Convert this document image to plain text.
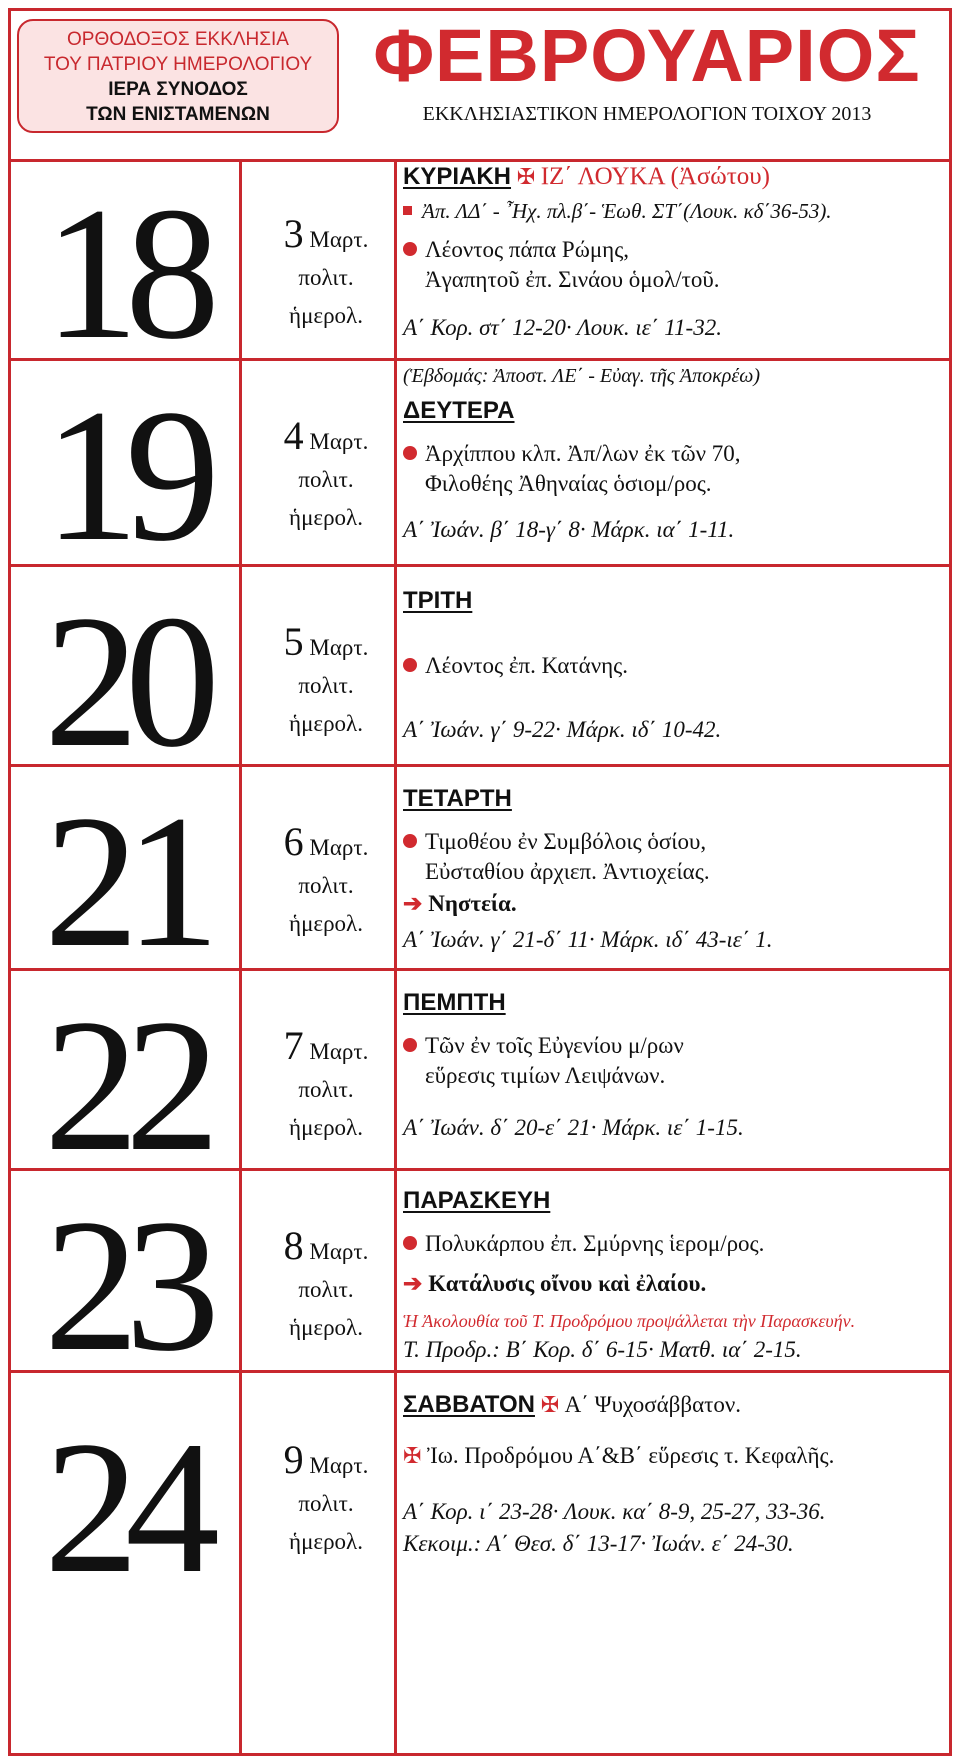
ΟΡΘΟΔΟΞΟΣ ΕΚΚΛΗΣΙΑ
ΤΟΥ ΠΑΤΡΙΟΥ ΗΜΕΡΟΛΟΓΙΟΥ
ΙΕΡΑ ΣΥΝΟΔΟΣ
ΤΩΝ ΕΝΙΣΤΑΜΕΝΩΝ
ΦΕΒΡΟΥΑΡΙΟΣ
ΕΚΚΛΗΣΙΑΣΤΙΚΟΝ ΗΜΕΡΟΛΟΓΙΟΝ ΤΟΙΧΟΥ 2013
18	3 Μαρτ.
πολιτ.
ἡμερολ.
ΚΥΡΙΑΚΗ ✠ ΙΖ΄ ΛΟΥΚΑ (Ἀσώτου)
Ἀπ. ΛΔ΄ - ῏Ηχ. πλ.β΄- Ἑωθ. ΣΤ΄(Λουκ. κδ΄36-53).
Λέοντος πάπα Ρώμης,
Ἀγαπητοῦ ἐπ. Σινάου ὁμολ/τοῦ.
Α΄ Κορ. στ΄ 12-20· Λουκ. ιε΄ 11-32.
19	4 Μαρτ.
πολιτ.
ἡμερολ.
(Ἑβδομάς: Ἀποστ. ΛΕ΄ - Εὐαγ. τῆς Ἀποκρέω)
ΔΕΥΤΕΡΑ
Ἀρχίππου κλπ. Ἀπ/λων ἐκ τῶν 70,
Φιλοθέης Ἀθηναίας ὁσιομ/ρος.
Α΄ Ἰωάν. β΄ 18-γ΄ 8· Μάρκ. ια΄ 1-11.
20	5 Μαρτ.
πολιτ.
ἡμερολ.
ΤΡΙΤΗ
Λέοντος ἐπ. Κατάνης.
Α΄ Ἰωάν. γ΄ 9-22· Μάρκ. ιδ΄ 10-42.
21	6 Μαρτ.
πολιτ.
ἡμερολ.
ΤΕΤΑΡΤΗ
Τιμοθέου ἐν Συμβόλοις ὁσίου,
Εὐσταθίου ἀρχιεπ. Ἀντιοχείας.
➔ Νηστεία.
Α΄ Ἰωάν. γ΄ 21-δ΄ 11· Μάρκ. ιδ΄ 43-ιε΄ 1.
22	7 Μαρτ.
πολιτ.
ἡμερολ.
ΠΕΜΠΤΗ
Τῶν ἐν τοῖς Εὐγενίου μ/ρων
εὕρεσις τιμίων Λειψάνων.
Α΄ Ἰωάν. δ΄ 20-ε΄ 21· Μάρκ. ιε΄ 1-15.
23	8 Μαρτ.
πολιτ.
ἡμερολ.
ΠΑΡΑΣΚΕΥΗ
Πολυκάρπου ἐπ. Σμύρνης ἱερομ/ρος.
➔ Κατάλυσις οἴνου καὶ ἐλαίου.
Ἡ Ἀκολουθία τοῦ Τ. Προδρόμου προψάλλεται τὴν Παρασκευήν.
Τ. Προδρ.: Β΄ Κορ. δ΄ 6-15· Ματθ. ια΄ 2-15.
24	9 Μαρτ.
πολιτ.
ἡμερολ.
ΣΑΒΒΑΤΟΝ ✠ Α΄ Ψυχοσάββατον.
✠ Ἰω. Προδρόμου Α΄&Β΄ εὕρεσις τ. Κεφαλῆς.
Α΄ Κορ. ι΄ 23-28· Λουκ. κα΄ 8-9, 25-27, 33-36.
Κεκοιμ.: Α΄ Θεσ. δ΄ 13-17· Ἰωάν. ε΄ 24-30.
